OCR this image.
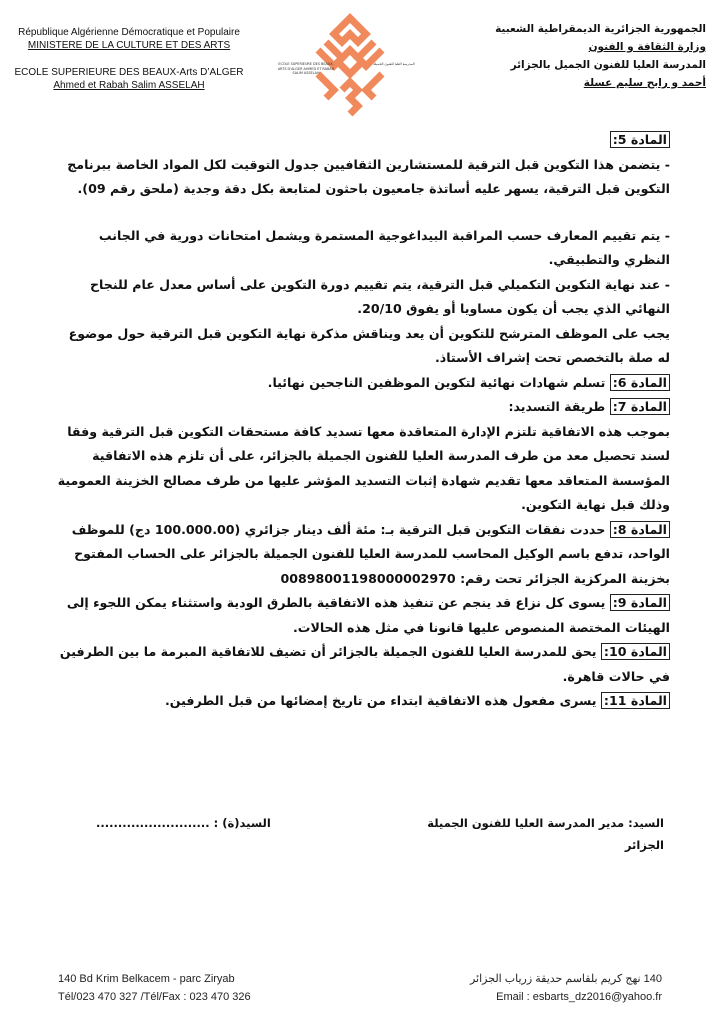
République Algérienne Démocratique et Populaire
MINISTERE DE LA CULTURE ET DES ARTS
ECOLE SUPERIEURE DES BEAUX-Arts D’ALGER
Ahmed et Rabah Salim ASSELAH
ECOLE SUPERIEURE DES BEAUX-ARTS D'ALGER AHMED ET RABAH SALIM ASSELAH
المدرسة العليا للفنون الجميلة
الجمهورية الجزائرية الديمقراطية الشعبية
وزارة الثقافة و الفنون
المدرسة العليا للفنون الجميل بالجزائر
أحمد و رابح سليم عسلة

المادة 5:

- يتضمن هذا التكوين قبل الترقية للمستشارين الثقافيين جدول التوقيت لكل المواد الخاصة ببرنامج التكوين قبل الترقية، يسهر عليه أساتذة جامعيون باحثون لمتابعة بكل دقة وجدية (ملحق رقم 09).

- يتم تقييم المعارف حسب المراقبة البيداغوجية المستمرة ويشمل امتحانات دورية في الجانب النظري والتطبيقي.

- عند نهاية التكوين التكميلي قبل الترقية، يتم تقييم دورة التكوين على أساس معدل عام للنجاح النهائي الذي يجب أن يكون مساويا أو يفوق 20/10.

يجب على الموظف المترشح للتكوين أن يعد ويناقش مذكرة نهاية التكوين قبل الترقية حول موضوع له صلة بالتخصص تحت إشراف الأستاذ.

المادة 6: تسلم شهادات نهائية لتكوين الموظفين الناجحين نهائيا.

المادة 7: طريقة التسديد:

بموجب هذه الاتفاقية تلتزم الإدارة المتعاقدة معها تسديد كافة مستحقات التكوين قبل الترقية وفقا لسند تحصيل معد من طرف المدرسة العليا للفنون الجميلة بالجزائر، على أن تلزم هذه الاتفاقية المؤسسة المتعاقد معها تقديم شهادة إثبات التسديد المؤشر عليها من طرف مصالح الخزينة العمومية وذلك قبل نهاية التكوين.

المادة 8: حددت نفقات التكوين قبل الترقية بـ: مئة ألف دينار جزائري (100.000.00 دج) للموظف الواحد، تدفع باسم الوكيل المحاسب للمدرسة العليا للفنون الجميلة بالجزائر على الحساب المفتوح بخزينة المركزية الجزائر تحت رقم: 00898001198000002970

المادة 9: يسوى كل نزاع قد ينجم عن تنفيذ هذه الاتفاقية بالطرق الودية واستثناء يمكن اللجوء إلى الهيئات المختصة المنصوص عليها قانونا في مثل هذه الحالات.

المادة 10: يحق للمدرسة العليا للفنون الجميلة بالجزائر أن تضيف للاتفاقية المبرمة ما بين الطرفين في حالات قاهرة.

المادة 11: يسرى مفعول هذه الاتفاقية ابتداء من تاريخ إمضائها من قبل الطرفين.

السيد: مدير المدرسة العليا للفنون الجميلة
الجزائر
السيد(ة) : ..........................
140 Bd Krim Belkacem - parc Ziryab
Tél/023 470 327 /Tél/Fax : 023 470 326
140 نهج كريم بلقاسم حديقة زرياب الجزائر
Email : esbarts_dz2016@yahoo.fr
